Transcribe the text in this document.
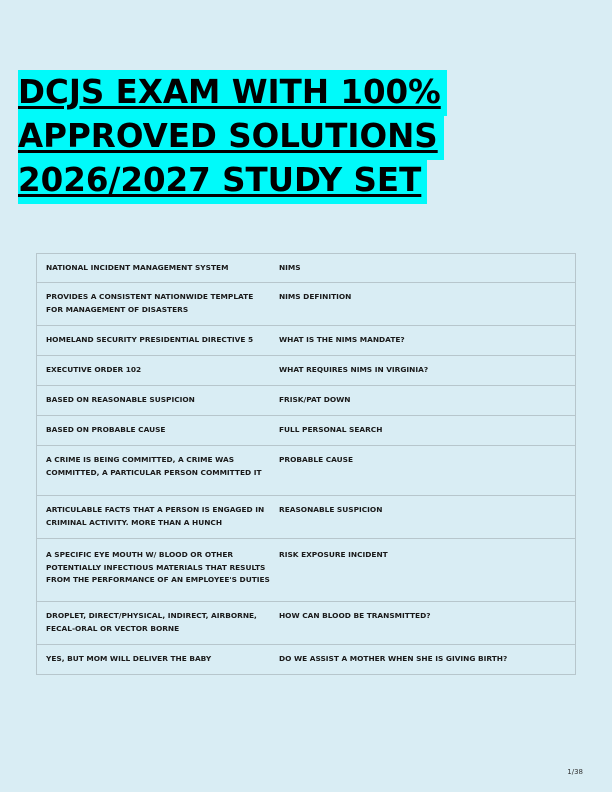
DCJS EXAM WITH 100%
APPROVED SOLUTIONS
2026/2027 STUDY SET
NATIONAL INCIDENT MANAGEMENT SYSTEM	NIMS
PROVIDES A CONSISTENT NATIONWIDE TEMPLATE FOR MANAGEMENT OF DISASTERS	NIMS DEFINITION
HOMELAND SECURITY PRESIDENTIAL DIRECTIVE 5	WHAT IS THE NIMS MANDATE?
EXECUTIVE ORDER 102	WHAT REQUIRES NIMS IN VIRGINIA?
BASED ON REASONABLE SUSPICION	FRISK/PAT DOWN
BASED ON PROBABLE CAUSE	FULL PERSONAL SEARCH
A CRIME IS BEING COMMITTED, A CRIME WAS COMMITTED, A PARTICULAR PERSON COMMITTED IT	PROBABLE CAUSE
ARTICULABLE FACTS THAT A PERSON IS ENGAGED IN CRIMINAL ACTIVITY. MORE THAN A HUNCH	REASONABLE SUSPICION
A SPECIFIC EYE MOUTH W/ BLOOD OR OTHER POTENTIALLY INFECTIOUS MATERIALS THAT RESULTS FROM THE PERFORMANCE OF AN EMPLOYEE'S DUTIES	RISK EXPOSURE INCIDENT
DROPLET, DIRECT/PHYSICAL, INDIRECT, AIRBORNE, FECAL-ORAL OR VECTOR BORNE	HOW CAN BLOOD BE TRANSMITTED?
YES, BUT MOM WILL DELIVER THE BABY	DO WE ASSIST A MOTHER WHEN SHE IS GIVING BIRTH?
1/38
